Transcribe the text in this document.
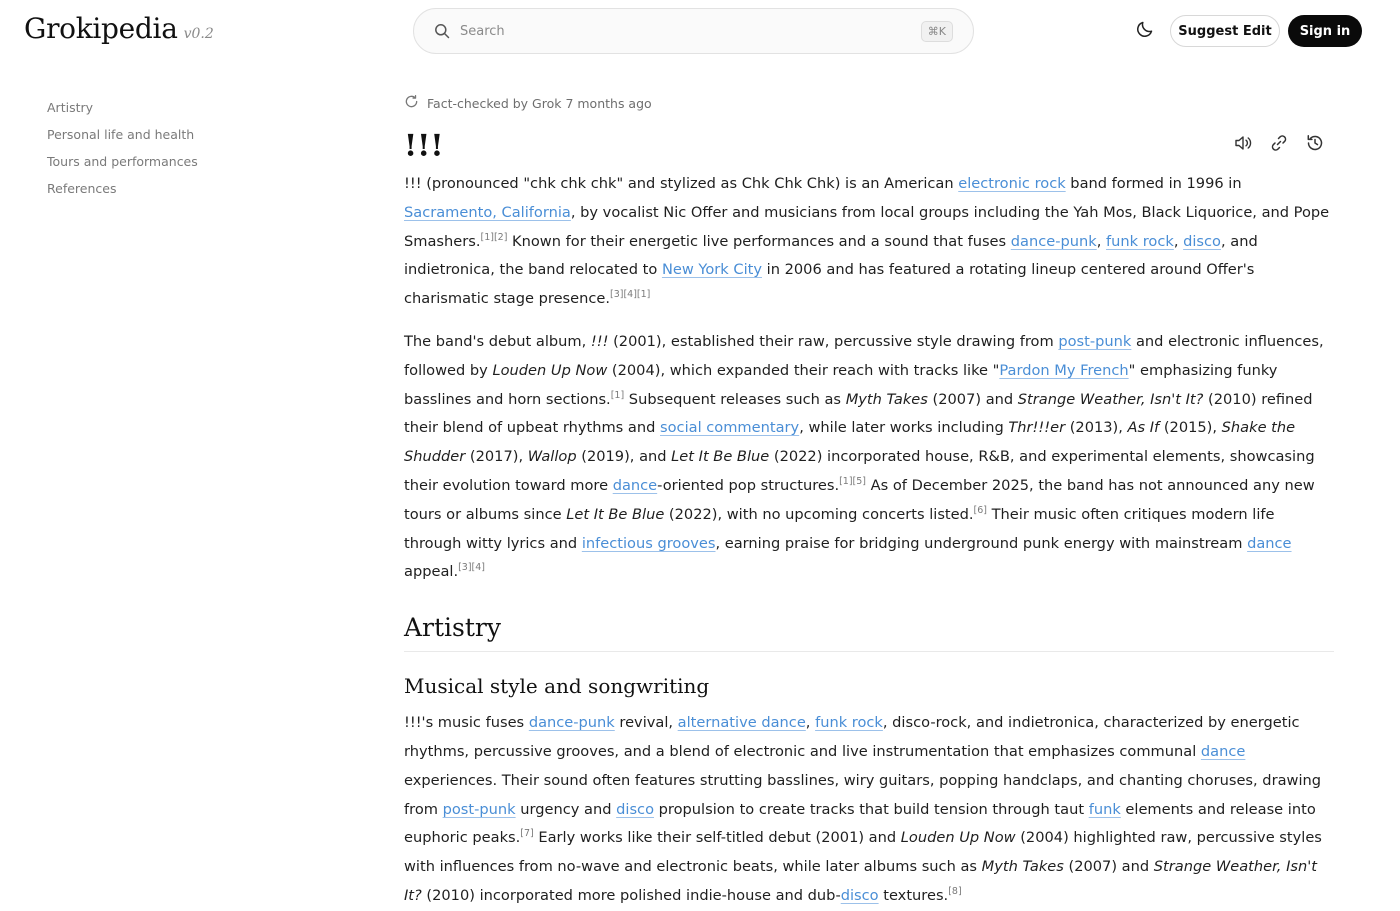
Grokipedia v0.2
Search	⌘K	Suggest Edit	Sign in
Artistry
Personal life and health
Tours and performances
References
Fact-checked by Grok 7 months ago
!!!

!!! (pronounced "chk chk chk" and stylized as Chk Chk Chk) is an American electronic rock band formed in 1996 in Sacramento, California, by vocalist Nic Offer and musicians from local groups including the Yah Mos, Black Liquorice, and Pope Smashers.[1][2] Known for their energetic live performances and a sound that fuses dance-punk, funk rock, disco, and indietronica, the band relocated to New York City in 2006 and has featured a rotating lineup centered around Offer's charismatic stage presence.[3][4][1]

The band's debut album, !!! (2001), established their raw, percussive style drawing from post-punk and electronic influences, followed by Louden Up Now (2004), which expanded their reach with tracks like "Pardon My French" emphasizing funky basslines and horn sections.[1] Subsequent releases such as Myth Takes (2007) and Strange Weather, Isn't It? (2010) refined their blend of upbeat rhythms and social commentary, while later works including Thr!!!er (2013), As If (2015), Shake the Shudder (2017), Wallop (2019), and Let It Be Blue (2022) incorporated house, R&B, and experimental elements, showcasing their evolution toward more dance-oriented pop structures.[1][5] As of December 2025, the band has not announced any new tours or albums since Let It Be Blue (2022), with no upcoming concerts listed.[6] Their music often critiques modern life through witty lyrics and infectious grooves, earning praise for bridging underground punk energy with mainstream dance appeal.[3][4]

Artistry
Musical style and songwriting

!!!'s music fuses dance-punk revival, alternative dance, funk rock, disco-rock, and indietronica, characterized by energetic rhythms, percussive grooves, and a blend of electronic and live instrumentation that emphasizes communal dance experiences. Their sound often features strutting basslines, wiry guitars, popping handclaps, and chanting choruses, drawing from post-punk urgency and disco propulsion to create tracks that build tension through taut funk elements and release into euphoric peaks.[7] Early works like their self-titled debut (2001) and Louden Up Now (2004) highlighted raw, percussive styles with influences from no-wave and electronic beats, while later albums such as Myth Takes (2007) and Strange Weather, Isn't It? (2010) incorporated more polished indie-house and dub-disco textures.[8]
